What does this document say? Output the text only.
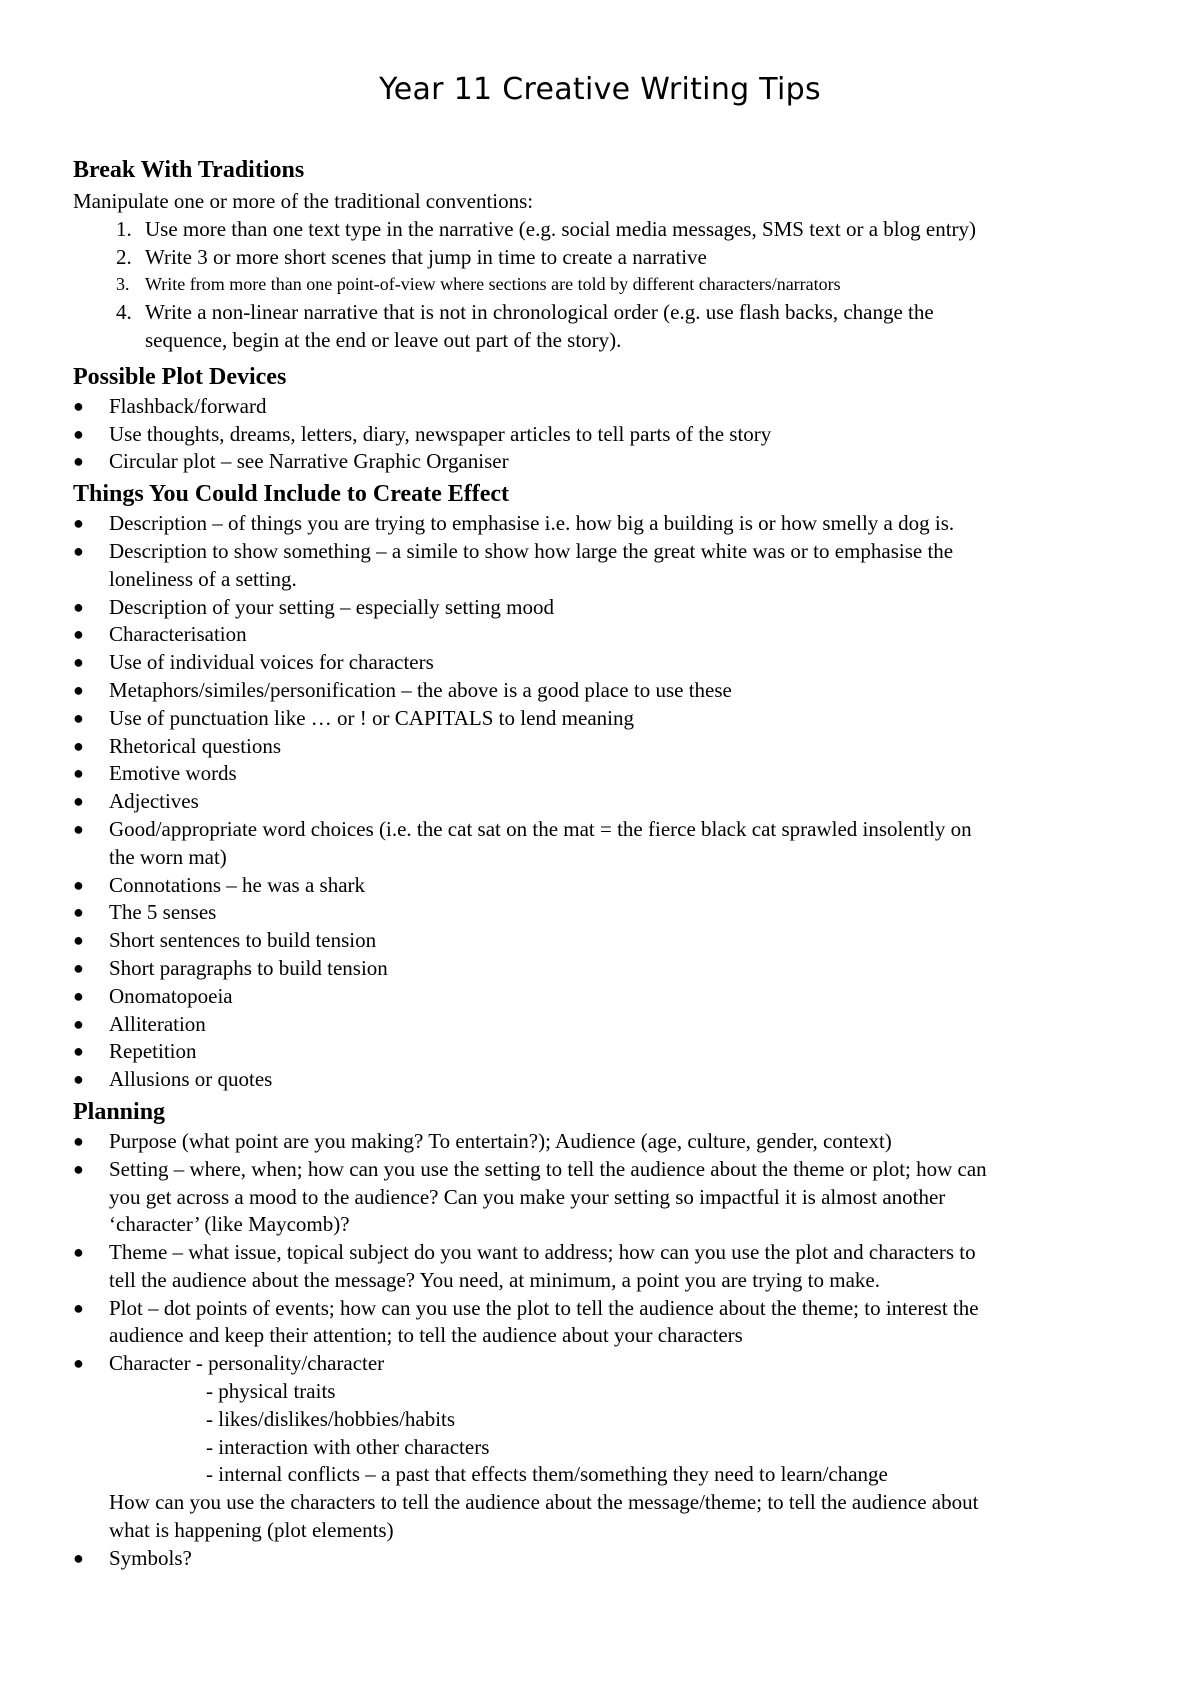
Year 11 Creative Writing Tips
Break With Traditions
Manipulate one or more of the traditional conventions:
1. Use more than one text type in the narrative (e.g. social media messages, SMS text or a blog entry)
2. Write 3 or more short scenes that jump in time to create a narrative
3. Write from more than one point-of-view where sections are told by different characters/narrators
4. Write a non-linear narrative that is not in chronological order (e.g. use flash backs, change the
sequence, begin at the end or leave out part of the story).
Possible Plot Devices
● Flashback/forward
● Use thoughts, dreams, letters, diary, newspaper articles to tell parts of the story
● Circular plot – see Narrative Graphic Organiser
Things You Could Include to Create Effect
● Description – of things you are trying to emphasise i.e. how big a building is or how smelly a dog is.
● Description to show something – a simile to show how large the great white was or to emphasise the
loneliness of a setting.
● Description of your setting – especially setting mood
● Characterisation
● Use of individual voices for characters
● Metaphors/similes/personification – the above is a good place to use these
● Use of punctuation like … or ! or CAPITALS to lend meaning
● Rhetorical questions
● Emotive words
● Adjectives
● Good/appropriate word choices (i.e. the cat sat on the mat = the fierce black cat sprawled insolently on
the worn mat)
● Connotations – he was a shark
● The 5 senses
● Short sentences to build tension
● Short paragraphs to build tension
● Onomatopoeia
● Alliteration
● Repetition
● Allusions or quotes
Planning
● Purpose (what point are you making? To entertain?); Audience (age, culture, gender, context)
● Setting – where, when; how can you use the setting to tell the audience about the theme or plot; how can
you get across a mood to the audience? Can you make your setting so impactful it is almost another
‘character’ (like Maycomb)?
● Theme – what issue, topical subject do you want to address; how can you use the plot and characters to
tell the audience about the message? You need, at minimum, a point you are trying to make.
● Plot – dot points of events; how can you use the plot to tell the audience about the theme; to interest the
audience and keep their attention; to tell the audience about your characters
● Character - personality/character
- physical traits
- likes/dislikes/hobbies/habits
- interaction with other characters
- internal conflicts – a past that effects them/something they need to learn/change
How can you use the characters to tell the audience about the message/theme; to tell the audience about
what is happening (plot elements)
● Symbols?
